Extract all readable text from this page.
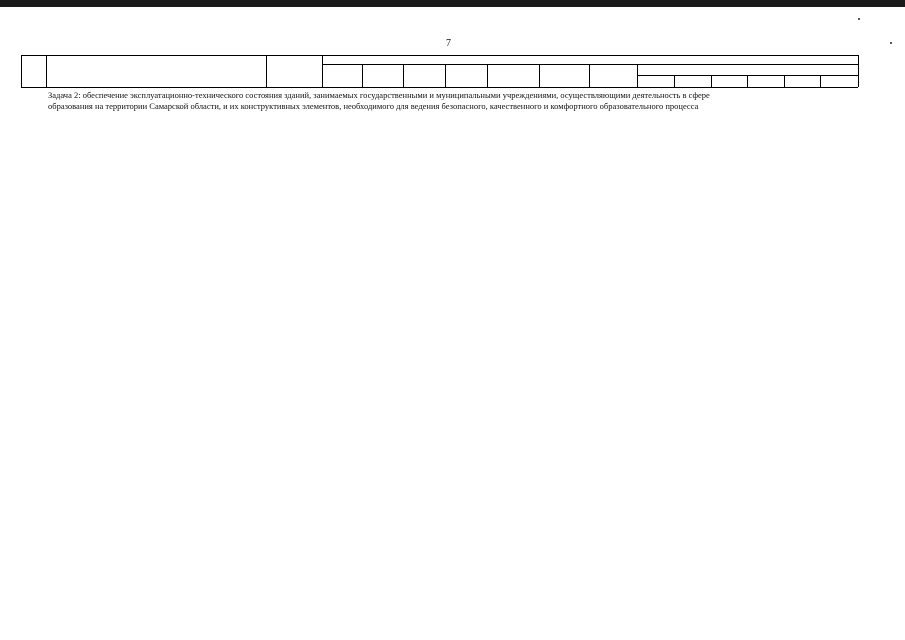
7
Задача 2: обеспечение эксплуатационно-технического состояния зданий, занимаемых государственными и муниципальными учреждениями, осуществляющими деятельность в сфере
образования на территории Самарской области, и их конструктивных элементов, необходимого для ведения безопасного, качественного и комфортного образовательного процесса
